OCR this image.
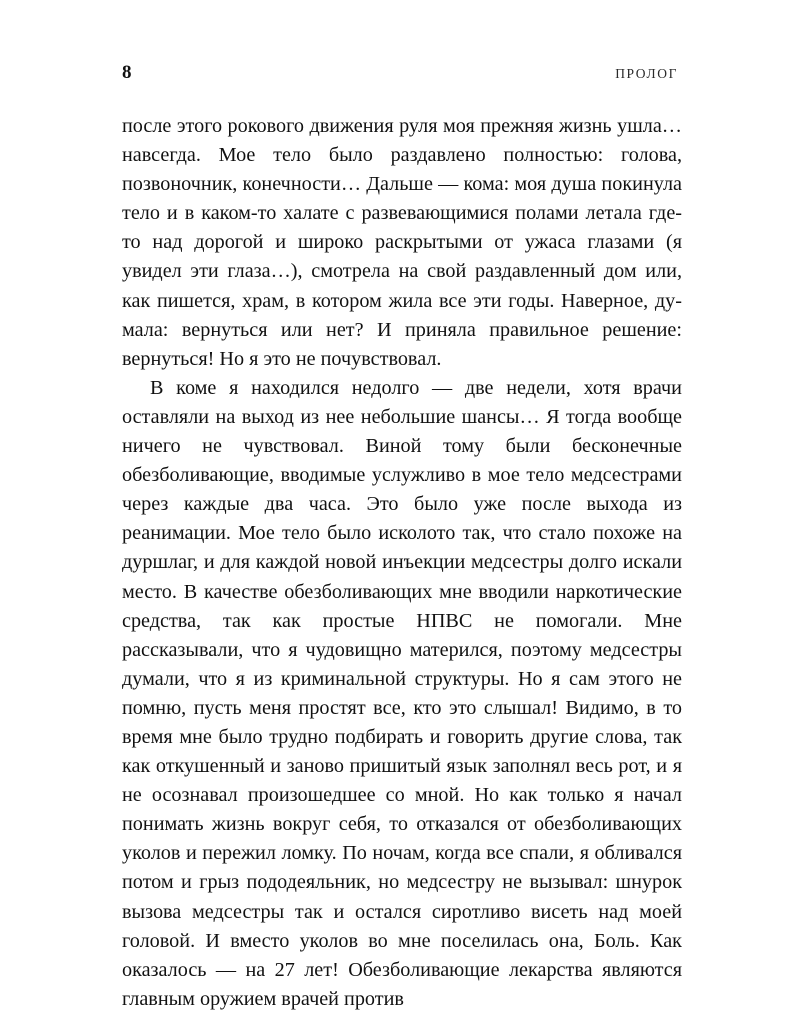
8	ПРОЛОГ

после этого рокового движения руля моя прежняя жизнь ушла… навсегда. Мое тело было раздавлено полностью: голова, позвоночник, конечности… Дальше — кома: моя душа покинула тело и в каком-то халате с развевающимися полами летала где-то над дорогой и широко раскрытыми от ужаса глазами (я увидел эти глаза…), смотрела на свой раздавленный дом или, как пишется, храм, в котором жила все эти годы. Наверное, думала: вернуться или нет? И приняла правильное решение: вернуться! Но я это не почувствовал.

В коме я находился недолго — две недели, хотя врачи оставляли на выход из нее небольшие шансы… Я тогда вообще ничего не чувствовал. Виной тому были бесконечные обезболивающие, вводимые услужливо в мое тело медсестрами через каждые два часа. Это было уже после выхода из реанимации. Мое тело было исколото так, что стало похоже на дуршлаг, и для каждой новой инъекции медсестры долго искали место. В качестве обезболивающих мне вводили наркотические средства, так как простые НПВС не помогали. Мне рассказывали, что я чудовищно матерился, поэтому медсестры думали, что я из криминальной структуры. Но я сам этого не помню, пусть меня простят все, кто это слышал! Видимо, в то время мне было трудно подбирать и говорить другие слова, так как откушенный и заново пришитый язык заполнял весь рот, и я не осознавал произошедшее со мной. Но как только я начал понимать жизнь вокруг себя, то отказался от обезболивающих уколов и пережил ломку. По ночам, когда все спали, я обливался потом и грыз пододеяльник, но медсестру не вызывал: шнурок вызова медсестры так и остался сиротливо висеть над моей головой. И вместо уколов во мне поселилась она, Боль. Как оказалось — на 27 лет! Обезболивающие лекарства являются главным оружием врачей против
